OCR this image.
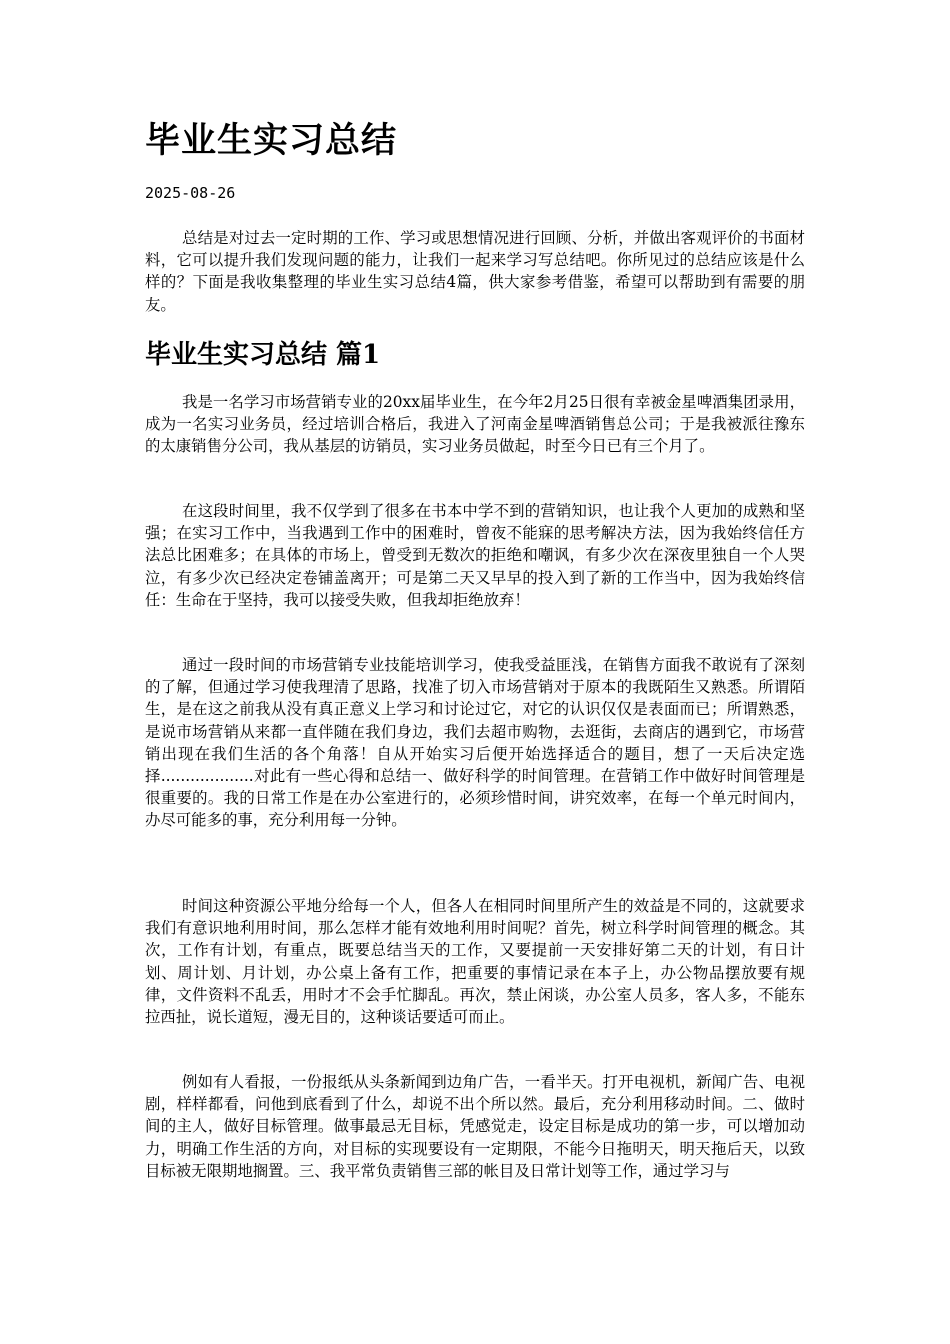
毕业生实习总结
2025-08-26

总结是对过去一定时期的工作、学习或思想情况进行回顾、分析，并做出客观评价的书面材料，它可以提升我们发现问题的能力，让我们一起来学习写总结吧。你所见过的总结应该是什么样的？下面是我收集整理的毕业生实习总结4篇，供大家参考借鉴，希望可以帮助到有需要的朋友。

毕业生实习总结 篇1

我是一名学习市场营销专业的20xx届毕业生，在今年2月25日很有幸被金星啤酒集团录用，成为一名实习业务员，经过培训合格后，我进入了河南金星啤酒销售总公司；于是我被派往豫东的太康销售分公司，我从基层的访销员，实习业务员做起，时至今日已有三个月了。

在这段时间里，我不仅学到了很多在书本中学不到的营销知识，也让我个人更加的成熟和坚强；在实习工作中，当我遇到工作中的困难时，曾夜不能寐的思考解决方法，因为我始终信任方法总比困难多；在具体的市场上，曾受到无数次的拒绝和嘲讽，有多少次在深夜里独自一个人哭泣，有多少次已经决定卷铺盖离开；可是第二天又早早的投入到了新的工作当中，因为我始终信任：生命在于坚持，我可以接受失败，但我却拒绝放弃！

通过一段时间的市场营销专业技能培训学习，使我受益匪浅，在销售方面我不敢说有了深刻的了解，但通过学习使我理清了思路，找准了切入市场营销对于原本的我既陌生又熟悉。所谓陌生，是在这之前我从没有真正意义上学习和讨论过它，对它的认识仅仅是表面而已；所谓熟悉，是说市场营销从来都一直伴随在我们身边，我们去超市购物，去逛街，去商店的遇到它，市场营销出现在我们生活的各个角落！自从开始实习后便开始选择适合的题目，想了一天后决定选择...................对此有一些心得和总结一、做好科学的时间管理。在营销工作中做好时间管理是很重要的。我的日常工作是在办公室进行的，必须珍惜时间，讲究效率，在每一个单元时间内，办尽可能多的事，充分利用每一分钟。

时间这种资源公平地分给每一个人，但各人在相同时间里所产生的效益是不同的，这就要求我们有意识地利用时间，那么怎样才能有效地利用时间呢？首先，树立科学时间管理的概念。其次，工作有计划，有重点，既要总结当天的工作，又要提前一天安排好第二天的计划，有日计划、周计划、月计划，办公桌上备有工作，把重要的事情记录在本子上，办公物品摆放要有规律，文件资料不乱丢，用时才不会手忙脚乱。再次，禁止闲谈，办公室人员多，客人多，不能东拉西扯，说长道短，漫无目的，这种谈话要适可而止。

例如有人看报，一份报纸从头条新闻到边角广告，一看半天。打开电视机，新闻广告、电视剧，样样都看，问他到底看到了什么，却说不出个所以然。最后，充分利用移动时间。二、做时间的主人，做好目标管理。做事最忌无目标，凭感觉走，设定目标是成功的第一步，可以增加动力，明确工作生活的方向，对目标的实现要设有一定期限，不能今日拖明天，明天拖后天，以致目标被无限期地搁置。三、我平常负责销售三部的帐目及日常计划等工作，通过学习与
